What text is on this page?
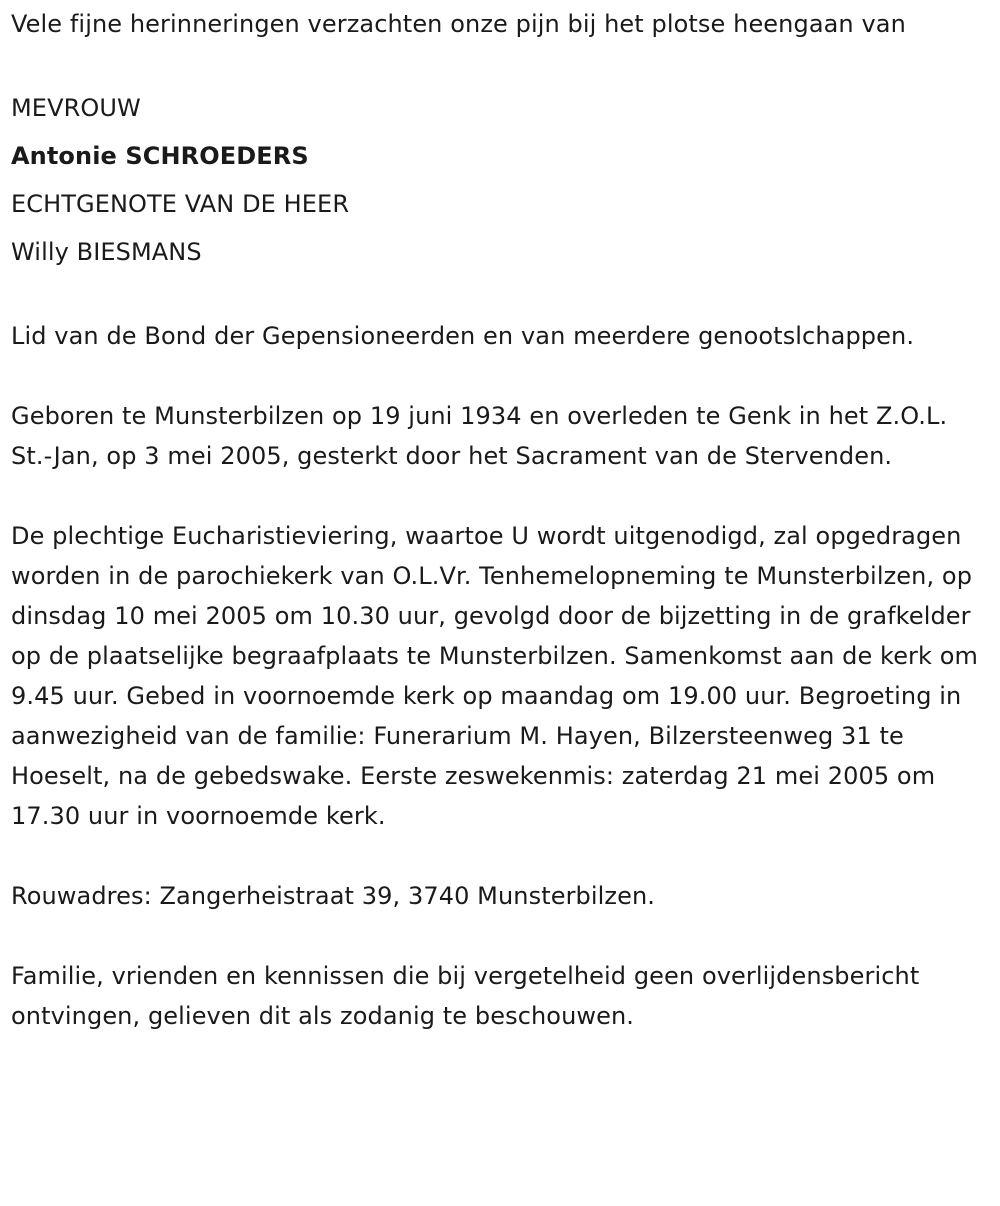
Vele fijne herinneringen verzachten onze pijn bij het plotse heengaan van

MEVROUW

Antonie SCHROEDERS

ECHTGENOTE VAN DE HEER

Willy BIESMANS

Lid van de Bond der Gepensioneerden en van meerdere genootslchappen.

Geboren te Munsterbilzen op 19 juni 1934 en overleden te Genk in het Z.O.L. St.-Jan, op 3 mei 2005, gesterkt door het Sacrament van de Stervenden.

De plechtige Eucharistieviering, waartoe U wordt uitgenodigd, zal opgedragen worden in de parochiekerk van O.L.Vr. Tenhemelopneming te Munsterbilzen, op dinsdag 10 mei 2005 om 10.30 uur, gevolgd door de bijzetting in de grafkelder op de plaatselijke begraafplaats te Munsterbilzen. Samenkomst aan de kerk om 9.45 uur. Gebed in voornoemde kerk op maandag om 19.00 uur. Begroeting in aanwezigheid van de familie: Funerarium M. Hayen, Bilzersteenweg 31 te Hoeselt, na de gebedswake. Eerste zeswekenmis: zaterdag 21 mei 2005 om 17.30 uur in voornoemde kerk.

Rouwadres: Zangerheistraat 39, 3740 Munsterbilzen.

Familie, vrienden en kennissen die bij vergetelheid geen overlijdensbericht ontvingen, gelieven dit als zodanig te beschouwen.
